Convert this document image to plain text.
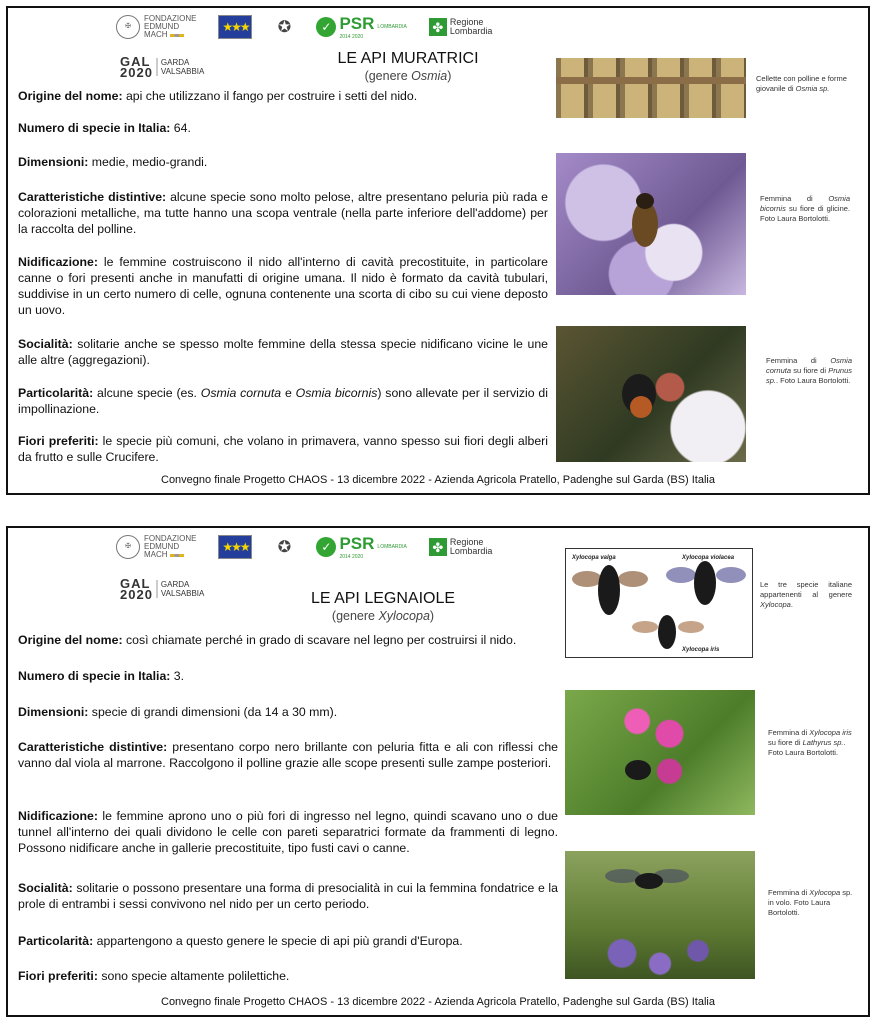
✠
FONDAZIONE
EDMUND
MACH
★★★ ✪	✓ PSR
2014 2020
LOMBARDIA ✤ Regione
Lombardia
GAL
2020
GARDA
VALSABBIA
LE API MURATRICI
(genere Osmia)

Origine del nome: api che utilizzano il fango per costruire i setti del nido.

Numero di specie in Italia: 64.

Dimensioni: medie, medio-grandi.

Caratteristiche distintive: alcune specie sono molto pelose, altre presentano peluria più rada e colorazioni metalliche, ma tutte hanno una scopa ventrale (nella parte inferiore dell'addome) per la raccolta del polline.

Nidificazione: le femmine costruiscono il nido all'interno di cavità precostituite, in particolare canne o fori presenti anche in manufatti di origine umana. Il nido è formato da cavità tubulari, suddivise in un certo numero di celle, ognuna contenente una scorta di cibo su cui viene deposto un uovo.

Socialità: solitarie anche se spesso molte femmine della stessa specie nidificano vicine le une alle altre (aggregazioni).

Particolarità: alcune specie (es. Osmia cornuta e Osmia bicornis) sono allevate per il servizio di impollinazione.

Fiori preferiti: le specie più comuni, che volano in primavera, vanno spesso sui fiori degli alberi da frutto e sulle Crucifere.

Cellette con polline e forme giovanile di Osmia sp.
Femmina di Osmia bicornis su fiore di glicine. Foto Laura Bortolotti.
Femmina di Osmia cornuta su fiore di Prunus sp.. Foto Laura Bortolotti.
Convegno finale Progetto CHAOS - 13 dicembre 2022 - Azienda Agricola Pratello, Padenghe sul Garda (BS) Italia
✠
FONDAZIONE
EDMUND
MACH
★★★ ✪	✓ PSR
2014 2020
LOMBARDIA ✤ Regione
Lombardia
GAL
2020
GARDA
VALSABBIA	LE API LEGNAIOLE
(genere Xylocopa)

Origine del nome: così chiamate perché in grado di scavare nel legno per costruirsi il nido.

Numero di specie in Italia: 3.

Dimensioni: specie di grandi dimensioni (da 14 a 30 mm).

Caratteristiche distintive: presentano corpo nero brillante con peluria fitta e ali con riflessi che vanno dal viola al marrone. Raccolgono il polline grazie alle scope presenti sulle zampe posteriori.

Nidificazione: le femmine aprono uno o più fori di ingresso nel legno, quindi scavano uno o due tunnel all'interno dei quali dividono le celle con pareti separatrici formate da frammenti di legno. Possono nidificare anche in gallerie precostituite, tipo fusti cavi o canne.

Socialità: solitarie o possono presentare una forma di presocialità in cui la femmina fondatrice e la prole di entrambi i sessi convivono nel nido per un certo periodo.

Particolarità: appartengono a questo genere le specie di api più grandi d'Europa.

Fiori preferiti: sono specie altamente polilettiche.

Xylocopa valga	Xylocopa violacea
Xylocopa iris
Le tre specie italiane appartenenti al genere Xylocopa.
Femmina di Xylocopa iris su fiore di Lathyrus sp.. Foto Laura Bortolotti.
Femmina di Xylocopa sp. in volo. Foto Laura Bortolotti.
Convegno finale Progetto CHAOS - 13 dicembre 2022 - Azienda Agricola Pratello, Padenghe sul Garda (BS) Italia
